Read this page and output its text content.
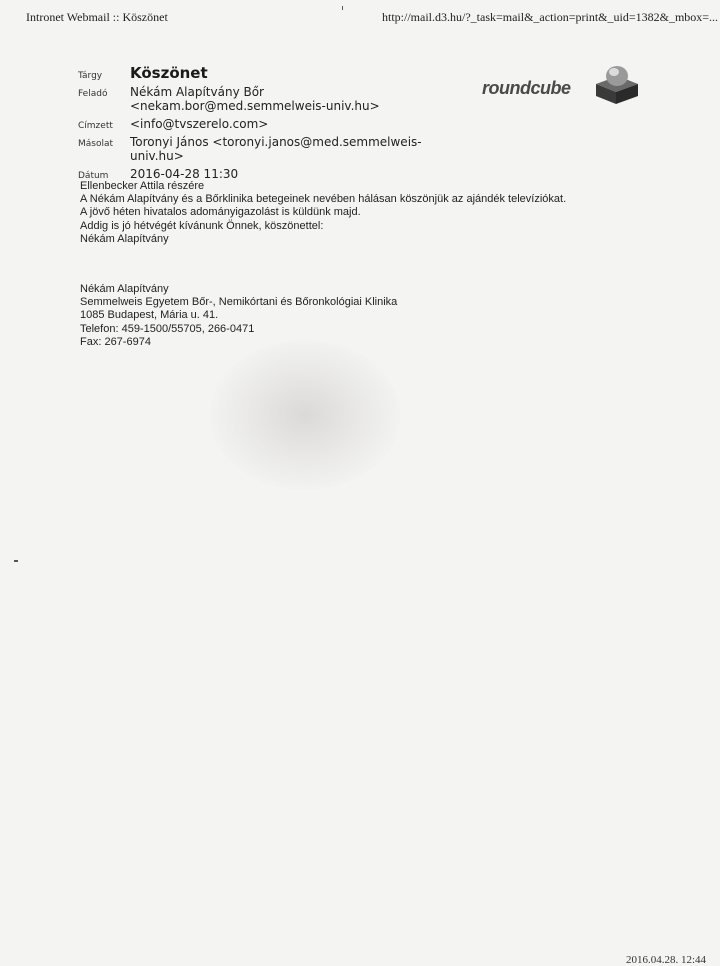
Intronet Webmail :: Köszönet	http://mail.d3.hu/?_task=mail&_action=print&_uid=1382&_mbox=...
Tárgy	Köszönet
Feladó	Nékám Alapítvány Bőr <nekam.bor@med.semmelweis-univ.hu>
Címzett	<info@tvszerelo.com>
Másolat	Toronyi János <toronyi.janos@med.semmelweis-univ.hu>
Dátum	2016-04-28 11:30
roundcube

Ellenbecker Attila részére

A Nékám Alapítvány és a Bőrklinika betegeinek nevében hálásan köszönjük az ajándék televíziókat.

A jövő héten hivatalos adományigazolást is küldünk majd.

Addig is jó hétvégét kívánunk Önnek, köszönettel:

Nékám Alapítvány

Nékám Alapítvány

Semmelweis Egyetem Bőr-, Nemikórtani és Bőronkológiai Klinika

1085 Budapest, Mária u. 41.

Telefon: 459-1500/55705, 266-0471

Fax: 267-6974

2016.04.28. 12:44
